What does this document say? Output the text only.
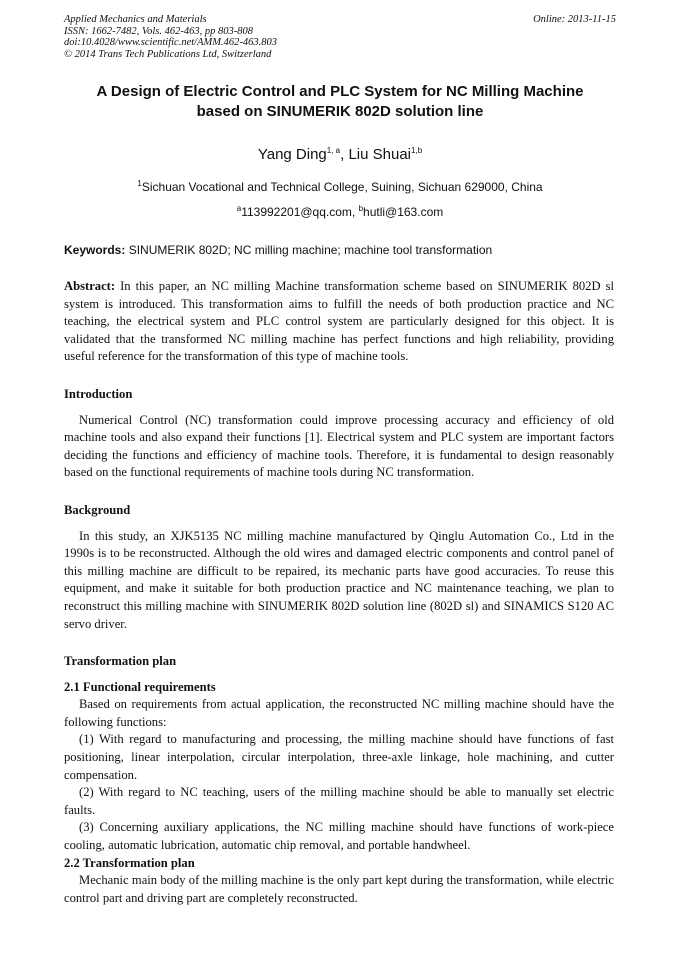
Applied Mechanics and Materials	Online: 2013-11-15
ISSN: 1662-7482, Vols. 462-463, pp 803-808
doi:10.4028/www.scientific.net/AMM.462-463.803
© 2014 Trans Tech Publications Ltd, Switzerland
A Design of Electric Control and PLC System for NC Milling Machine
based on SINUMERIK 802D solution line
Yang Ding$^{1, a}$, Liu Shuai$^{1,b}$
$^1$Sichuan Vocational and Technical College, Suining, Sichuan 629000, China
$^a$113992201@qq.com, $^b$hutli@163.com
Keywords: SINUMERIK 802D; NC milling machine; machine tool transformation

Abstract: In this paper, an NC milling Machine transformation scheme based on SINUMERIK 802D sl system is introduced. This transformation aims to fulfill the needs of both production practice and NC teaching, the electrical system and PLC control system are particularly designed for this object. It is validated that the transformed NC milling machine has perfect functions and high reliability, providing useful reference for the transformation of this type of machine tools.

Introduction

Numerical Control (NC) transformation could improve processing accuracy and efficiency of old machine tools and also expand their functions [1]. Electrical system and PLC system are important factors deciding the functions and efficiency of machine tools. Therefore, it is fundamental to design reasonably based on the functional requirements of machine tools during NC transformation.

Background

In this study, an XJK5135 NC milling machine manufactured by Qinglu Automation Co., Ltd in the 1990s is to be reconstructed. Although the old wires and damaged electric components and control panel of this milling machine are difficult to be repaired, its mechanic parts have good accuracies. To reuse this equipment, and make it suitable for both production practice and NC maintenance teaching, we plan to reconstruct this milling machine with SINUMERIK 802D solution line (802D sl) and SINAMICS S120 AC servo driver.

Transformation plan

2.1 Functional requirements

Based on requirements from actual application, the reconstructed NC milling machine should have the following functions:

(1) With regard to manufacturing and processing, the milling machine should have functions of fast positioning, linear interpolation, circular interpolation, three-axle linkage, hole machining, and cutter compensation.

(2) With regard to NC teaching, users of the milling machine should be able to manually set electric faults.

(3) Concerning auxiliary applications, the NC milling machine should have functions of work-piece cooling, automatic lubrication, automatic chip removal, and portable handwheel.

2.2 Transformation plan

Mechanic main body of the milling machine is the only part kept during the transformation, while electric control part and driving part are completely reconstructed.
